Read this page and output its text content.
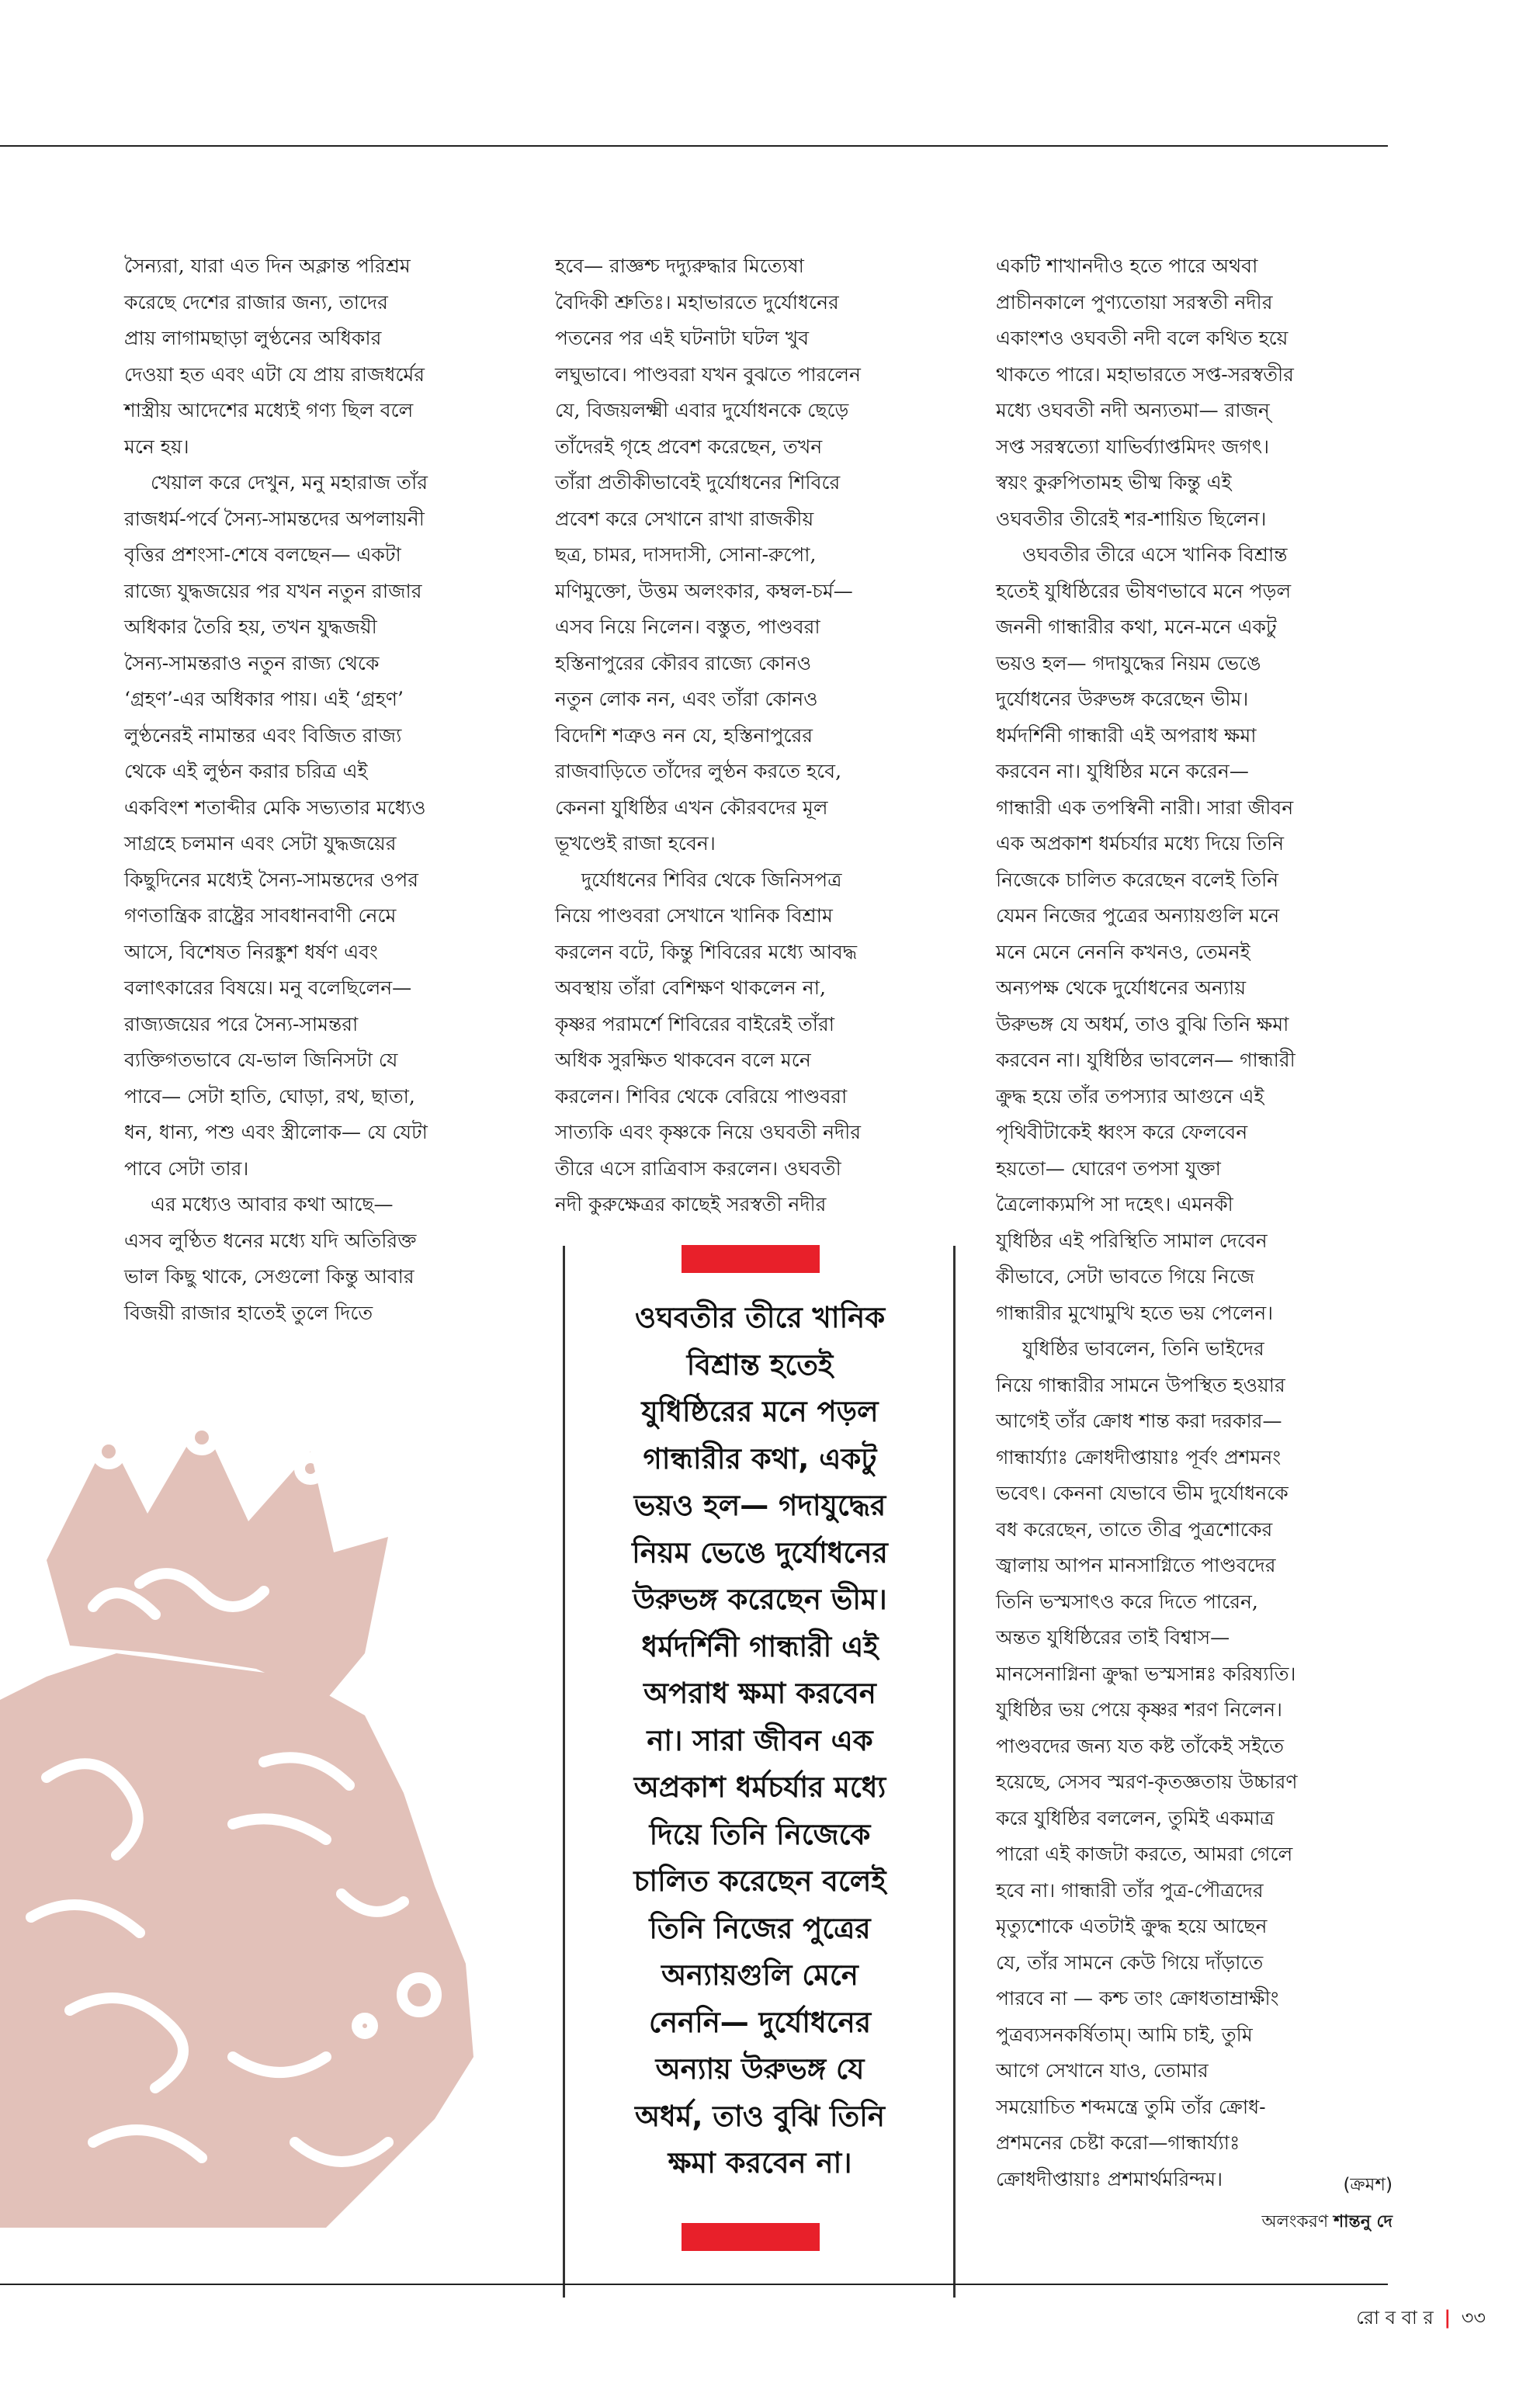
সৈন্যরা, যারা এত দিন অক্লান্ত পরিশ্রম

করেছে দেশের রাজার জন্য, তাদের

প্রায় লাগামছাড়া লুণ্ঠনের অধিকার

দেওয়া হত এবং এটা যে প্রায় রাজধর্মের

শাস্ত্রীয় আদেশের মধ্যেই গণ্য ছিল বলে

মনে হয়।

খেয়াল করে দেখুন, মনু মহারাজ তাঁর

রাজধর্ম-পর্বে সৈন্য-সামন্তদের অপলায়নী

বৃত্তির প্রশংসা-শেষে বলছেন— একটা

রাজ্যে যুদ্ধজয়ের পর যখন নতুন রাজার

অধিকার তৈরি হয়, তখন যুদ্ধজয়ী

সৈন্য-সামন্তরাও নতুন রাজ্য থেকে

‘গ্রহণ’-এর অধিকার পায়। এই ‘গ্রহণ’

লুণ্ঠনেরই নামান্তর এবং বিজিত রাজ্য

থেকে এই লুণ্ঠন করার চরিত্র এই

একবিংশ শতাব্দীর মেকি সভ্যতার মধ্যেও

সাগ্রহে চলমান এবং সেটা যুদ্ধজয়ের

কিছুদিনের মধ্যেই সৈন্য-সামন্তদের ওপর

গণতান্ত্রিক রাষ্ট্রের সাবধানবাণী নেমে

আসে, বিশেষত নিরঙ্কুশ ধর্ষণ এবং

বলাৎকারের বিষয়ে। মনু বলেছিলেন—

রাজ্যজয়ের পরে সৈন্য-সামন্তরা

ব্যক্তিগতভাবে যে-ভাল জিনিসটা যে

পাবে— সেটা হাতি, ঘোড়া, রথ, ছাতা,

ধন, ধান্য, পশু এবং স্ত্রীলোক— যে যেটা

পাবে সেটা তার।

এর মধ্যেও আবার কথা আছে—

এসব লুণ্ঠিত ধনের মধ্যে যদি অতিরিক্ত

ভাল কিছু থাকে, সেগুলো কিন্তু আবার

বিজয়ী রাজার হাতেই তুলে দিতে

হবে— রাজ্ঞশ্চ দদ্যুরুদ্ধার মিত্যেষা

বৈদিকী শ্রুতিঃ। মহাভারতে দুর্যোধনের

পতনের পর এই ঘটনাটা ঘটল খুব

লঘুভাবে। পাণ্ডবরা যখন বুঝতে পারলেন

যে, বিজয়লক্ষ্মী এবার দুর্যোধনকে ছেড়ে

তাঁদেরই গৃহে প্রবেশ করেছেন, তখন

তাঁরা প্রতীকীভাবেই দুর্যোধনের শিবিরে

প্রবেশ করে সেখানে রাখা রাজকীয়

ছত্র, চামর, দাসদাসী, সোনা-রুপো,

মণিমুক্তো, উত্তম অলংকার, কম্বল-চর্ম—

এসব নিয়ে নিলেন। বস্তুত, পাণ্ডবরা

হস্তিনাপুরের কৌরব রাজ্যে কোনও

নতুন লোক নন, এবং তাঁরা কোনও

বিদেশি শত্রুও নন যে, হস্তিনাপুরের

রাজবাড়িতে তাঁদের লুণ্ঠন করতে হবে,

কেননা যুধিষ্ঠির এখন কৌরবদের মূল

ভূখণ্ডেই রাজা হবেন।

দুর্যোধনের শিবির থেকে জিনিসপত্র

নিয়ে পাণ্ডবরা সেখানে খানিক বিশ্রাম

করলেন বটে, কিন্তু শিবিরের মধ্যে আবদ্ধ

অবস্থায় তাঁরা বেশিক্ষণ থাকলেন না,

কৃষ্ণর পরামর্শে শিবিরের বাইরেই তাঁরা

অধিক সুরক্ষিত থাকবেন বলে মনে

করলেন। শিবির থেকে বেরিয়ে পাণ্ডবরা

সাত্যকি এবং কৃষ্ণকে নিয়ে ওঘবতী নদীর

তীরে এসে রাত্রিবাস করলেন। ওঘবতী

নদী কুরুক্ষেত্রর কাছেই সরস্বতী নদীর

একটি শাখানদীও হতে পারে অথবা

প্রাচীনকালে পুণ্যতোয়া সরস্বতী নদীর

একাংশও ওঘবতী নদী বলে কথিত হয়ে

থাকতে পারে। মহাভারতে সপ্ত-সরস্বতীর

মধ্যে ওঘবতী নদী অন্যতমা— রাজন্

সপ্ত সরস্বত্যো যাভির্ব্যাপ্তমিদং জগৎ।

স্বয়ং কুরুপিতামহ ভীষ্ম কিন্তু এই

ওঘবতীর তীরেই শর-শায়িত ছিলেন।

ওঘবতীর তীরে এসে খানিক বিশ্রান্ত

হতেই যুধিষ্ঠিরের ভীষণভাবে মনে পড়ল

জননী গান্ধারীর কথা, মনে-মনে একটু

ভয়ও হল— গদাযুদ্ধের নিয়ম ভেঙে

দুর্যোধনের উরুভঙ্গ করেছেন ভীম।

ধর্মদর্শিনী গান্ধারী এই অপরাধ ক্ষমা

করবেন না। যুধিষ্ঠির মনে করেন—

গান্ধারী এক তপস্বিনী নারী। সারা জীবন

এক অপ্রকাশ ধর্মচর্যার মধ্যে দিয়ে তিনি

নিজেকে চালিত করেছেন বলেই তিনি

যেমন নিজের পুত্রের অন্যায়গুলি মনে

মনে মেনে নেননি কখনও, তেমনই

অন্যপক্ষ থেকে দুর্যোধনের অন্যায়

উরুভঙ্গ যে অধর্ম, তাও বুঝি তিনি ক্ষমা

করবেন না। যুধিষ্ঠির ভাবলেন— গান্ধারী

ক্রুদ্ধ হয়ে তাঁর তপস্যার আগুনে এই

পৃথিবীটাকেই ধ্বংস করে ফেলবেন

হয়তো— ঘোরেণ তপসা যুক্তা

ত্রৈলোক্যমপি সা দহেৎ। এমনকী

যুধিষ্ঠির এই পরিস্থিতি সামাল দেবেন

কীভাবে, সেটা ভাবতে গিয়ে নিজে

গান্ধারীর মুখোমুখি হতে ভয় পেলেন।

যুধিষ্ঠির ভাবলেন, তিনি ভাইদের

নিয়ে গান্ধারীর সামনে উপস্থিত হওয়ার

আগেই তাঁর ক্রোধ শান্ত করা দরকার—

গান্ধার্য্যাঃ ক্রোধদীপ্তায়াঃ পূর্বং প্রশমনং

ভবেৎ। কেননা যেভাবে ভীম দুর্যোধনকে

বধ করেছেন, তাতে তীব্র পুত্রশোকের

জ্বালায় আপন মানসাগ্নিতে পাণ্ডবদের

তিনি ভস্মসাৎও করে দিতে পারেন,

অন্তত যুধিষ্ঠিরের তাই বিশ্বাস—

মানসেনাগ্নিনা ক্রুদ্ধা ভস্মসান্নঃ করিষ্যতি।

যুধিষ্ঠির ভয় পেয়ে কৃষ্ণর শরণ নিলেন।

পাণ্ডবদের জন্য যত কষ্ট তাঁকেই সইতে

হয়েছে, সেসব স্মরণ-কৃতজ্ঞতায় উচ্চারণ

করে যুধিষ্ঠির বললেন, তুমিই একমাত্র

পারো এই কাজটা করতে, আমরা গেলে

হবে না। গান্ধারী তাঁর পুত্র-পৌত্রদের

মৃত্যুশোকে এতটাই ক্রুদ্ধ হয়ে আছেন

যে, তাঁর সামনে কেউ গিয়ে দাঁড়াতে

পারবে না — কশ্চ তাং ক্রোধতাম্রাক্ষীং

পুত্রব্যসনকর্ষিতাম্। আমি চাই, তুমি

আগে সেখানে যাও, তোমার

সময়োচিত শব্দমন্ত্রে তুমি তাঁর ক্রোধ-

প্রশমনের চেষ্টা করো—গান্ধার্য্যাঃ

ক্রোধদীপ্তায়াঃ প্রশমার্থমরিন্দম।

ওঘবতীর তীরে খানিক

বিশ্রান্ত হতেই

যুধিষ্ঠিরের মনে পড়ল

গান্ধারীর কথা, একটু

ভয়ও হল— গদাযুদ্ধের

নিয়ম ভেঙে দুর্যোধনের

উরুভঙ্গ করেছেন ভীম।

ধর্মদর্শিনী গান্ধারী এই

অপরাধ ক্ষমা করবেন

না। সারা জীবন এক

অপ্রকাশ ধর্মচর্যার মধ্যে

দিয়ে তিনি নিজেকে

চালিত করেছেন বলেই

তিনি নিজের পুত্রের

অন্যায়গুলি মেনে

নেননি— দুর্যোধনের

অন্যায় উরুভঙ্গ যে

অধর্ম, তাও বুঝি তিনি

ক্ষমা করবেন না।

(ক্রমশ)
অলংকরণ শান্তনু দে
রো ব বা র | ৩৩
